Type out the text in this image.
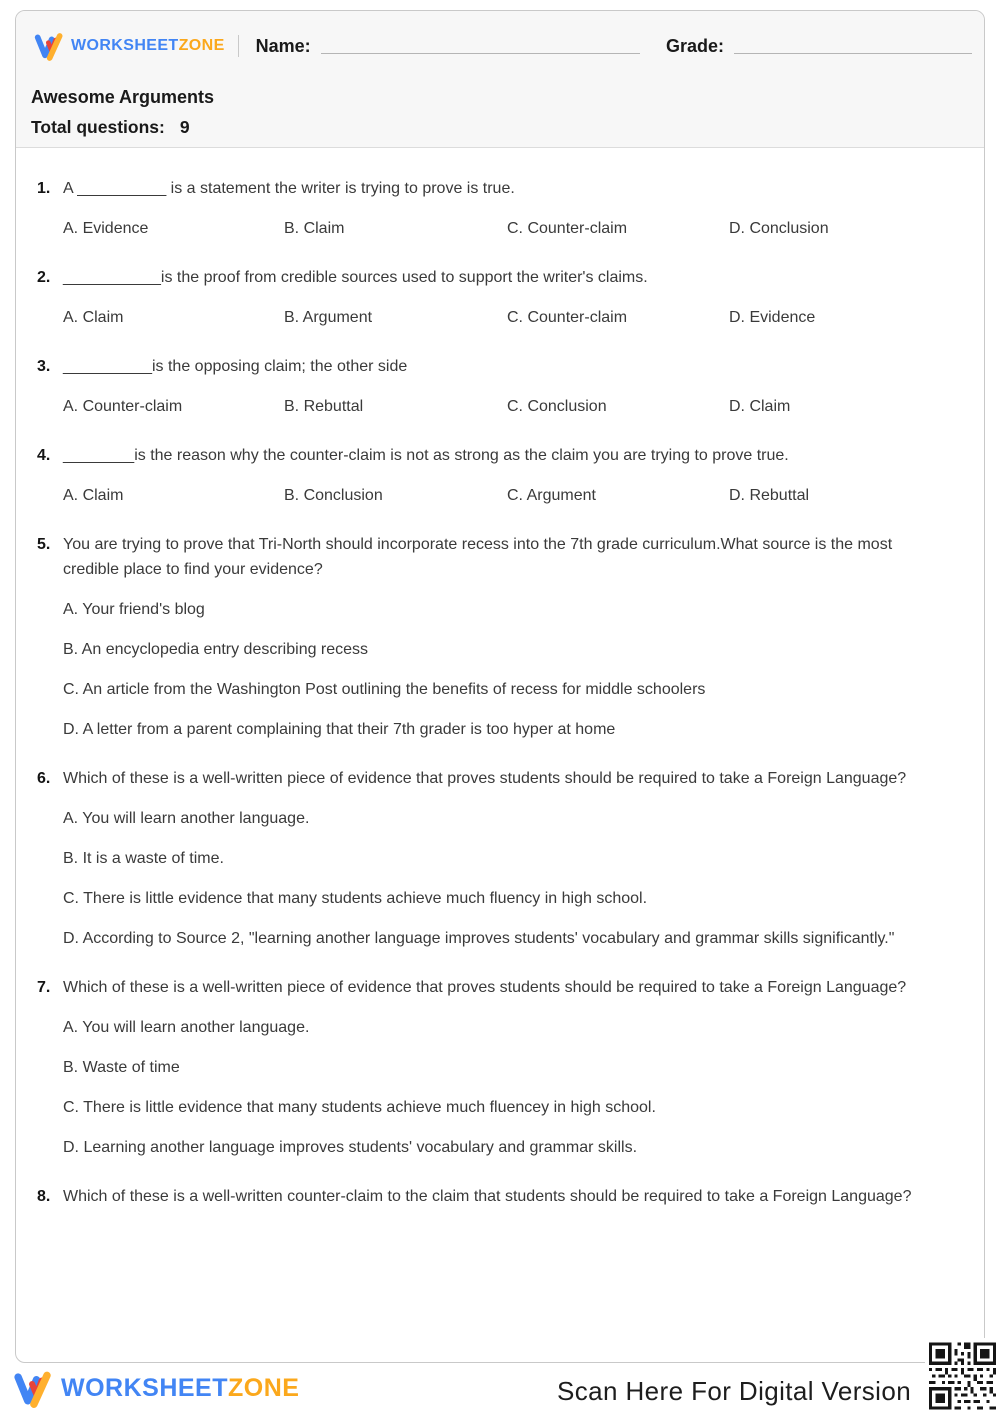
WORKSHEETZONE Name:	Grade:
Awesome Arguments
Total questions: 9
1. A __________ is a statement the writer is trying to prove is true.
A. Evidence	B. Claim	C. Counter-claim	D. Conclusion
2. ___________is the proof from credible sources used to support the writer's claims.
A. Claim	B. Argument	C. Counter-claim	D. Evidence
3. __________is the opposing claim; the other side
A. Counter-claim	B. Rebuttal	C. Conclusion	D. Claim
4. ________is the reason why the counter-claim is not as strong as the claim you are trying to prove true.
A. Claim	B. Conclusion	C. Argument	D. Rebuttal
5. You are trying to prove that Tri-North should incorporate recess into the 7th grade curriculum.What source is the most credible place to find your evidence?
A. Your friend's blog
B. An encyclopedia entry describing recess
C. An article from the Washington Post outlining the benefits of recess for middle schoolers
D. A letter from a parent complaining that their 7th grader is too hyper at home
6. Which of these is a well-written piece of evidence that proves students should be required to take a Foreign Language?
A. You will learn another language.
B. It is a waste of time.
C. There is little evidence that many students achieve much fluency in high school.
D. According to Source 2, "learning another language improves students' vocabulary and grammar skills significantly."
7. Which of these is a well-written piece of evidence that proves students should be required to take a Foreign Language?
A. You will learn another language.
B. Waste of time
C. There is little evidence that many students achieve much fluencey in high school.
D. Learning another language improves students' vocabulary and grammar skills.
8. Which of these is a well-written counter-claim to the claim that students should be required to take a Foreign Language?
WORKSHEETZONE	Scan Here For Digital Version
